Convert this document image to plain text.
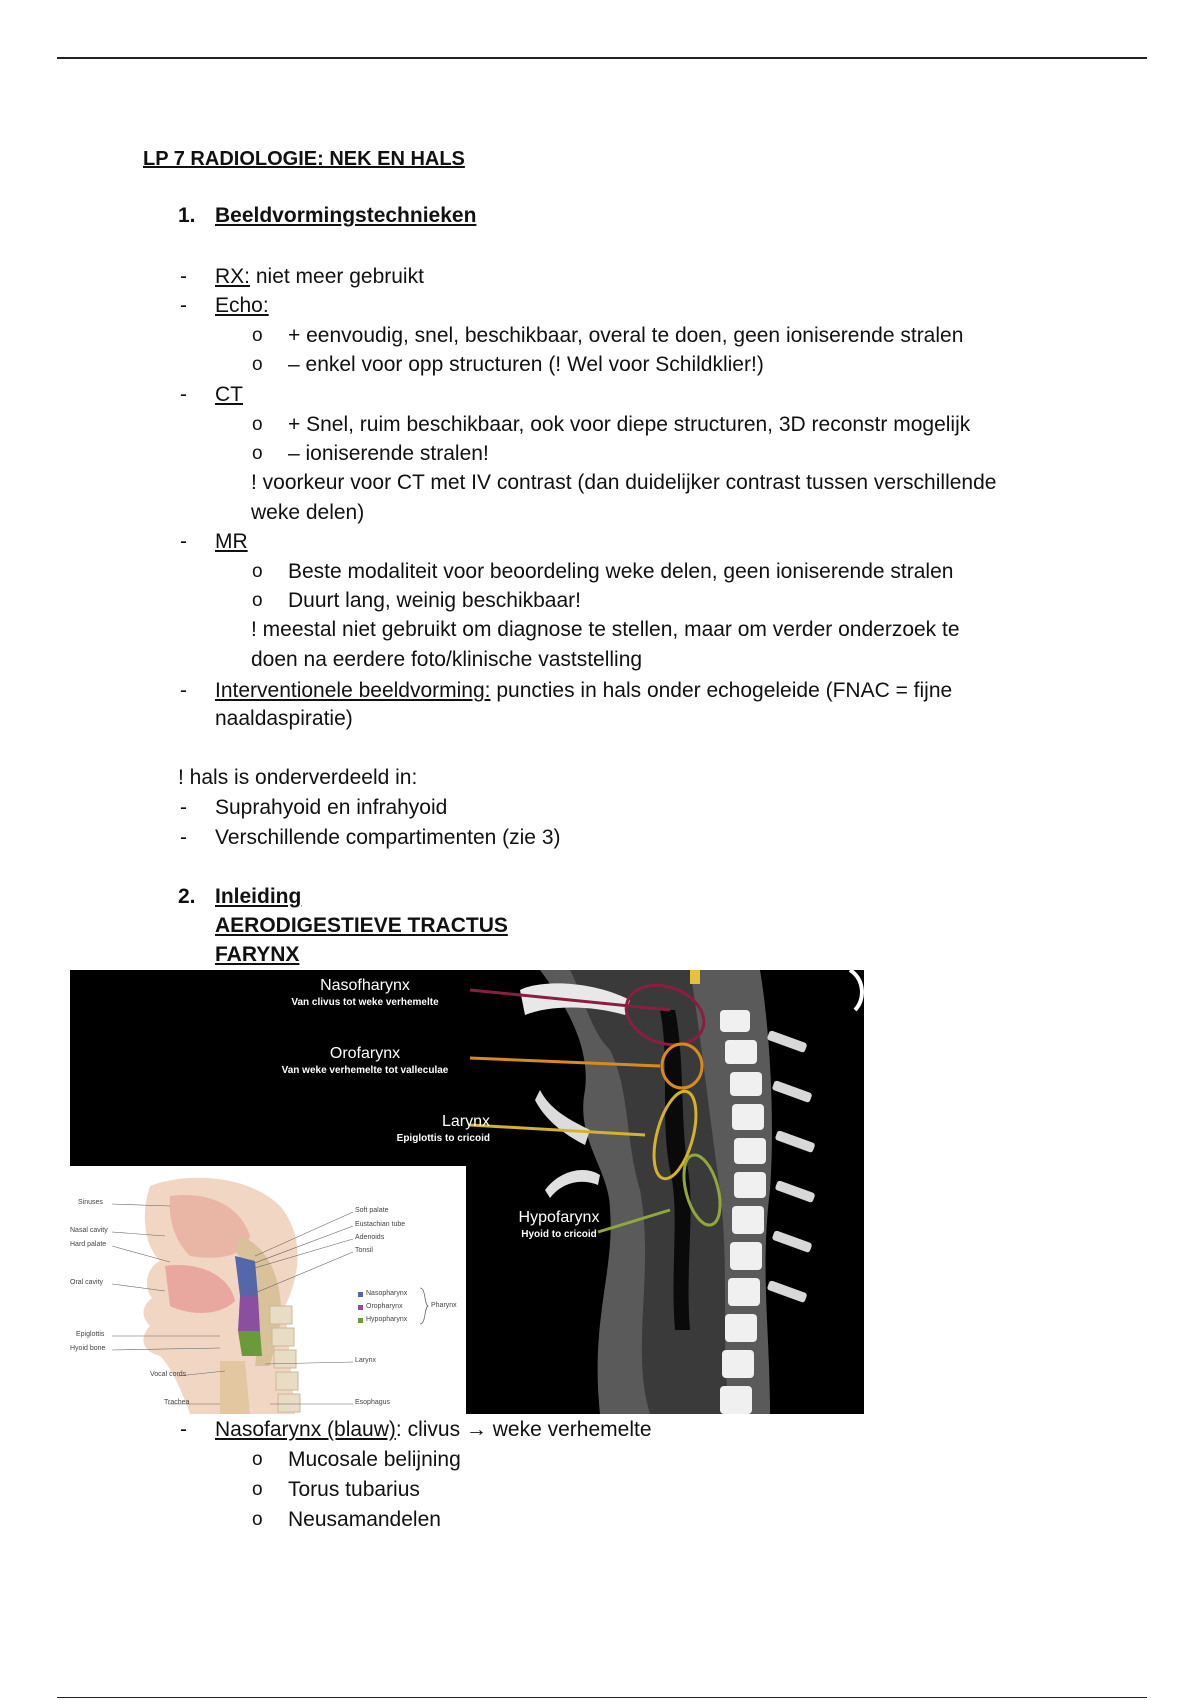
LP 7 RADIOLOGIE: NEK EN HALS
1. Beeldvormingstechnieken
- RX: niet meer gebruikt
- Echo:
o + eenvoudig, snel, beschikbaar, overal te doen, geen ioniserende stralen
o – enkel voor opp structuren (! Wel voor Schildklier!)
- CT
o + Snel, ruim beschikbaar, ook voor diepe structuren, 3D reconstr mogelijk
o – ioniserende stralen!
! voorkeur voor CT met IV contrast (dan duidelijker contrast tussen verschillende
weke delen)
- MR
o Beste modaliteit voor beoordeling weke delen, geen ioniserende stralen
o Duurt lang, weinig beschikbaar!
! meestal niet gebruikt om diagnose te stellen, maar om verder onderzoek te
doen na eerdere foto/klinische vaststelling
- Interventionele beeldvorming: puncties in hals onder echogeleide (FNAC = fijne
naaldaspiratie)
! hals is onderverdeeld in:
- Suprahyoid en infrahyoid
- Verschillende compartimenten (zie 3)
2. Inleiding
AERODIGESTIEVE TRACTUS
FARYNX
Nasofharynx
Van clivus tot weke verhemelte
Orofarynx
Van weke verhemelte tot valleculae
Larynx
Epiglottis to cricoid
Hypofarynx
Hyoid to cricoid
Sinuses
Nasal cavity
Hard palate
Oral cavity
Epiglottis
Hyoid bone
Vocal cords
Trachea
Soft palate
Eustachian tube
Adenoids
Tonsil
Larynx
Esophagus
Nasopharynx
Oropharynx
Hypopharynx
Pharynx
- Nasofarynx (blauw): clivus → weke verhemelte
o Mucosale belijning
o Torus tubarius
o Neusamandelen
